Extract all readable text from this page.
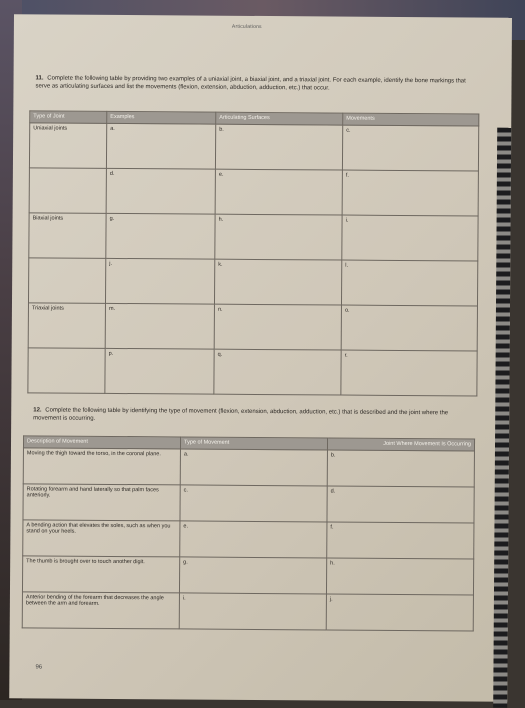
Articulations
11. Complete the following table by providing two examples of a uniaxial joint, a biaxial joint, and a triaxial joint. For each example, identify the bone markings that serve as articulating surfaces and list the movements (flexion, extension, abduction, adduction, etc.) that occur.
Type of Joint	Examples	Articulating Surfaces	Movements
Uniaxial joints	a.	b.	c.
	d.	e.	f.
Biaxial joints	g.	h.	i.
	j.	k.	l.
Triaxial joints	m.	n.	o.
	p.	q.	r.
12. Complete the following table by identifying the type of movement (flexion, extension, abduction, adduction, etc.) that is described and the joint where the movement is occurring.
Description of Movement	Type of Movement	Joint Where Movement Is Occurring
Moving the thigh toward the torso, in the coronal plane.	a.	b.
Rotating forearm and hand laterally so that palm faces anteriorly.	c.	d.
A bending action that elevates the soles, such as when you stand on your heels.	e.	f.
The thumb is brought over to touch another digit.	g.	h.
Anterior bending of the forearm that decreases the angle between the arm and forearm.	i.	j.
96
